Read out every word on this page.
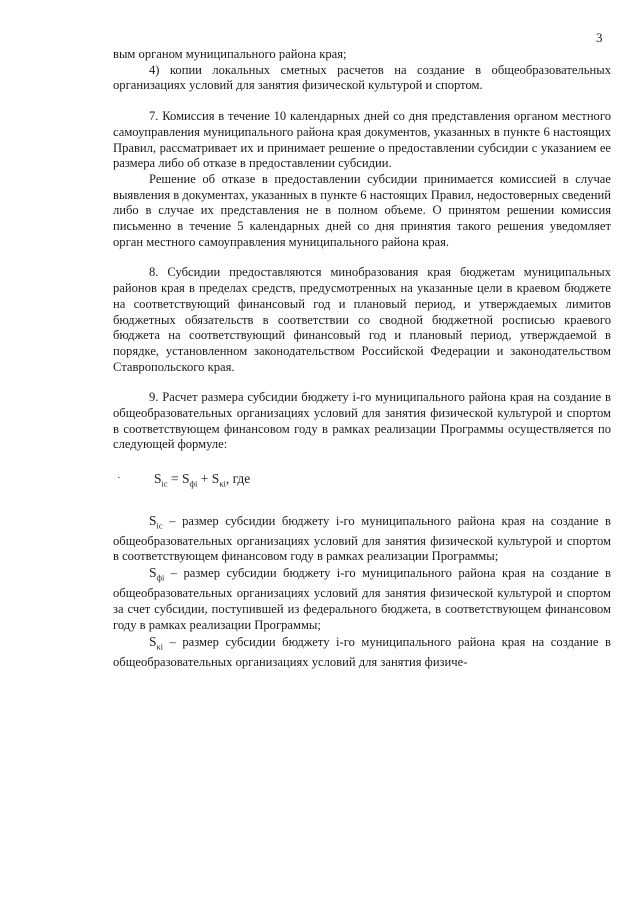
3

вым органом муниципального района края;

4) копии локальных сметных расчетов на создание в общеобразовательных организациях условий для занятия физической культурой и спортом.

7. Комиссия в течение 10 календарных дней со дня представления органом местного самоуправления муниципального района края документов, указанных в пункте 6 настоящих Правил, рассматривает их и принимает решение о предоставлении субсидии с указанием ее размера либо об отказе в предоставлении субсидии.

Решение об отказе в предоставлении субсидии принимается комиссией в случае выявления в документах, указанных в пункте 6 настоящих Правил, недостоверных сведений либо в случае их представления не в полном объеме. О принятом решении комиссия письменно в течение 5 календарных дней со дня принятия такого решения уведомляет орган местного самоуправления муниципального района края.

8. Субсидии предоставляются минобразования края бюджетам муниципальных районов края в пределах средств, предусмотренных на указанные цели в краевом бюджете на соответствующий финансовый год и плановый период, и утверждаемых лимитов бюджетных обязательств в соответствии со сводной бюджетной росписью краевого бюджета на соответствующий финансовый год и плановый период, утверждаемой в порядке, установленном законодательством Российской Федерации и законодательством Ставропольского края.

9. Расчет размера субсидии бюджету i-го муниципального района края на создание в общеобразовательных организациях условий для занятия физической культурой и спортом в соответствующем финансовом году в рамках реализации Программы осуществляется по следующей формуле:

· $S_{ic} = S_{фi} + S_{кi}$, где

$S_{ic}$ – размер субсидии бюджету i-го муниципального района края на создание в общеобразовательных организациях условий для занятия физической культурой и спортом в соответствующем финансовом году в рамках реализации Программы;

$S_{фi}$ – размер субсидии бюджету i-го муниципального района края на создание в общеобразовательных организациях условий для занятия физической культурой и спортом за счет субсидии, поступившей из федерального бюджета, в соответствующем финансовом году в рамках реализации Программы;

$S_{кi}$ – размер субсидии бюджету i-го муниципального района края на создание в общеобразовательных организациях условий для занятия физиче-
